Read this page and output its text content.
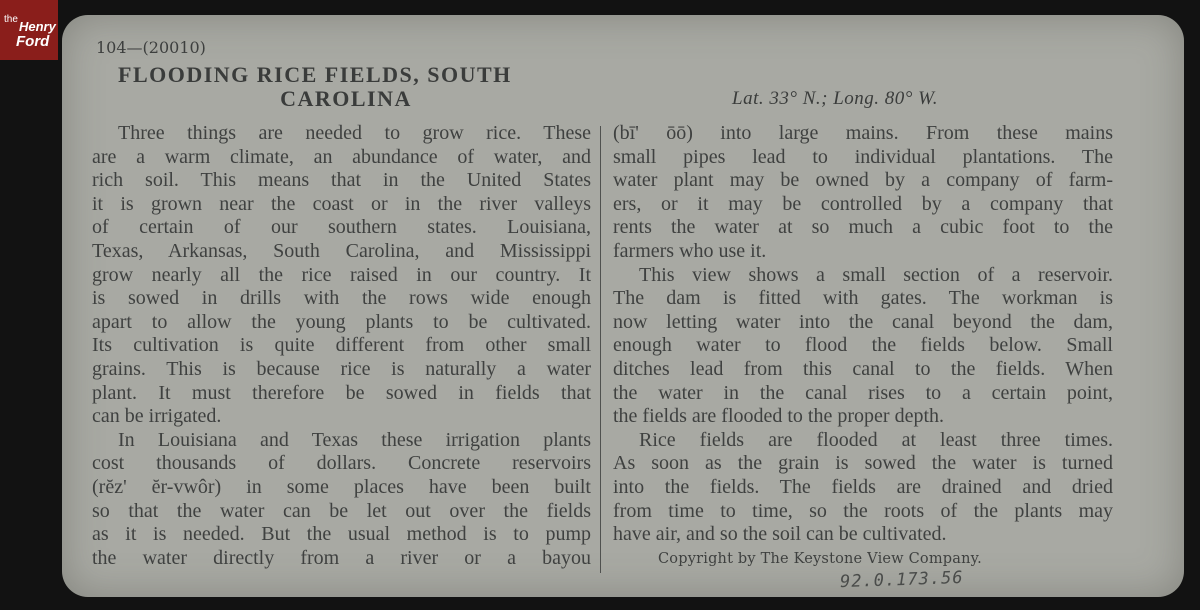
the Henry
Ford	104—(20010)
FLOODING RICE FIELDS, SOUTH
CAROLINA	Lat. 33° N.; Long. 80° W.
Three things are needed to grow rice. These
are a warm climate, an abundance of water, and
rich soil. This means that in the United States
it is grown near the coast or in the river valleys
of certain of our southern states. Louisiana,
Texas, Arkansas, South Carolina, and Mississippi
grow nearly all the rice raised in our country. It
is sowed in drills with the rows wide enough
apart to allow the young plants to be cultivated.
Its cultivation is quite different from other small
grains. This is because rice is naturally a water
plant. It must therefore be sowed in fields that
can be irrigated.
In Louisiana and Texas these irrigation plants
cost thousands of dollars. Concrete reservoirs
(rĕz' ĕr-vwôr) in some places have been built
so that the water can be let out over the fields
as it is needed. But the usual method is to pump
the water directly from a river or a bayou
(bī' ōō) into large mains. From these mains
small pipes lead to individual plantations. The
water plant may be owned by a company of farm-
ers, or it may be controlled by a company that
rents the water at so much a cubic foot to the
farmers who use it.
This view shows a small section of a reservoir.
The dam is fitted with gates. The workman is
now letting water into the canal beyond the dam,
enough water to flood the fields below. Small
ditches lead from this canal to the fields. When
the water in the canal rises to a certain point,
the fields are flooded to the proper depth.
Rice fields are flooded at least three times.
As soon as the grain is sowed the water is turned
into the fields. The fields are drained and dried
from time to time, so the roots of the plants may
have air, and so the soil can be cultivated.
Copyright by The Keystone View Company.
92.0.173.56
